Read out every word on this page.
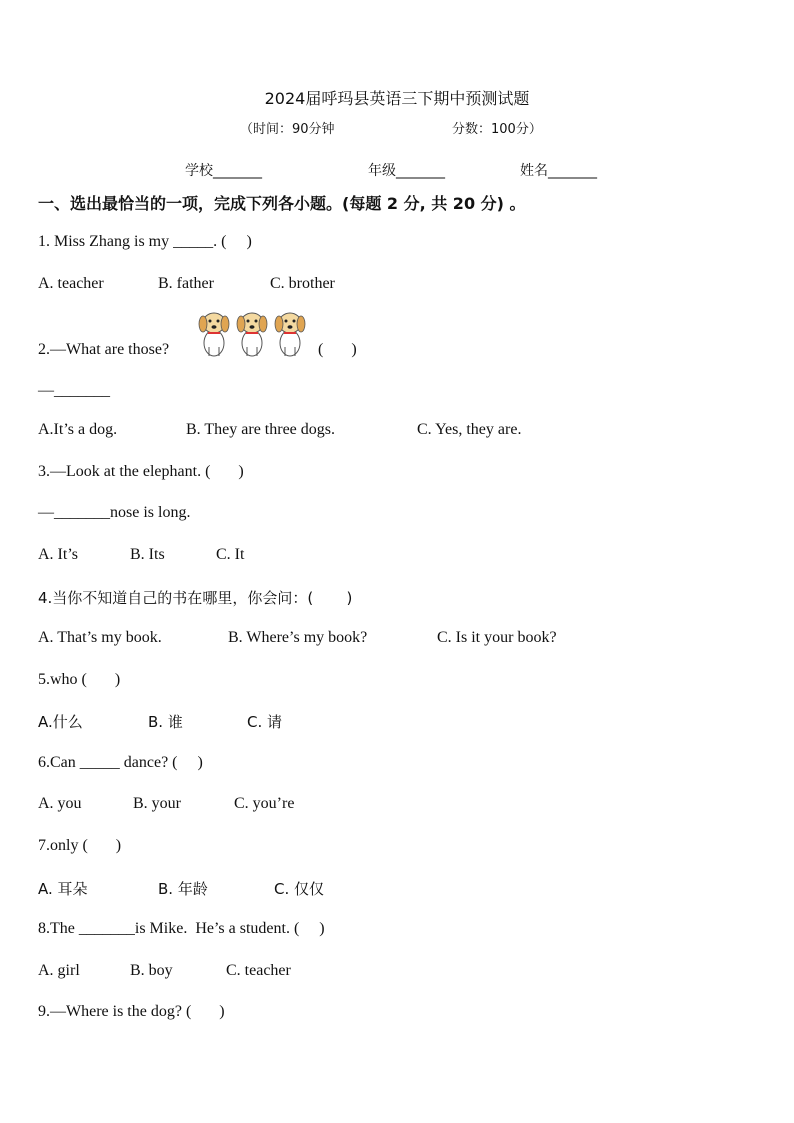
2024届呼玛县英语三下期中预测试题
（时间：90分钟	分数：100分）
学校_______	年级_______	姓名_______
一、选出最恰当的一项，完成下列各小题。(每题 2 分, 共 20 分) 。
1. Miss Zhang is my _____. (     )
A. teacher	B. father	C. brother
2.—What are those?	(       )
—_______
A.It’s a dog.	B. They are three dogs.	C. Yes, they are.
3.—Look at the elephant. (       )
—_______nose is long.
A. It’s	B. Its	C. It
4.当你不知道自己的书在哪里，你会问：(       )
A. That’s my book.	B. Where’s my book?	C. Is it your book?
5.who (       )
A.什么	B. 谁	C. 请
6.Can _____ dance? (     )
A. you	B. your	C. you’re
7.only (       )
A. 耳朵	B. 年龄	C. 仅仅
8.The _______is Mike.  He’s a student. (     )
A. girl	B. boy	C. teacher
9.—Where is the dog? (       )
